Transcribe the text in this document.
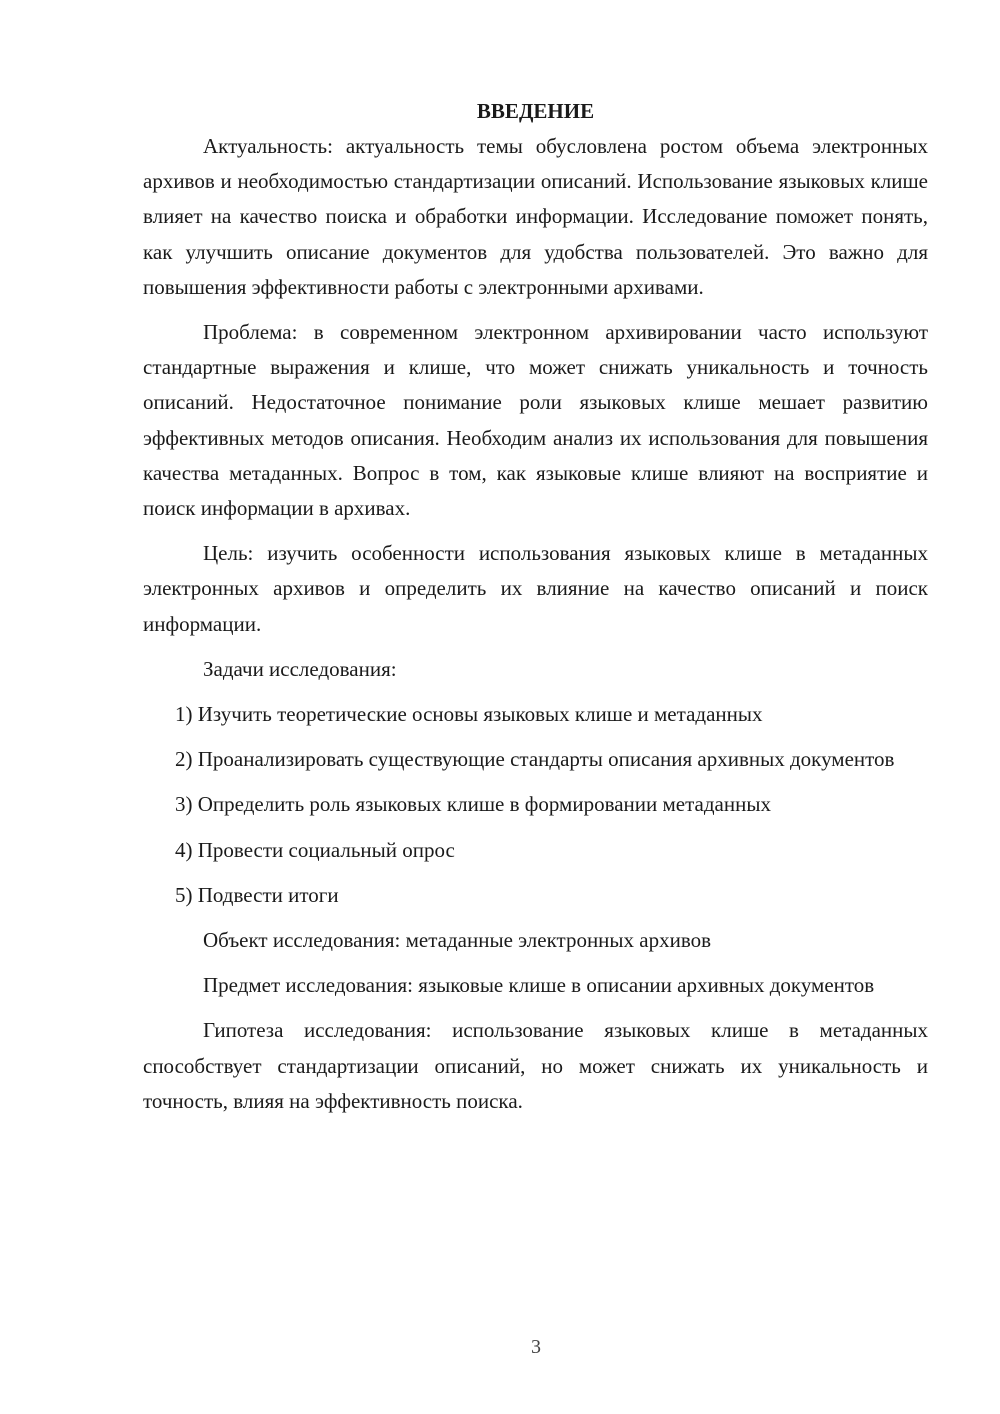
ВВЕДЕНИЕ

Актуальность: актуальность темы обусловлена ростом объема электронных архивов и необходимостью стандартизации описаний. Использование языковых клише влияет на качество поиска и обработки информации. Исследование поможет понять, как улучшить описание документов для удобства пользователей. Это важно для повышения эффективности работы с электронными архивами.

Проблема: в современном электронном архивировании часто используют стандартные выражения и клише, что может снижать уникальность и точность описаний. Недостаточное понимание роли языковых клише мешает развитию эффективных методов описания. Необходим анализ их использования для повышения качества метаданных. Вопрос в том, как языковые клише влияют на восприятие и поиск информации в архивах.

Цель: изучить особенности использования языковых клише в метаданных электронных архивов и определить их влияние на качество описаний и поиск информации.

Задачи исследования:

1) Изучить теоретические основы языковых клише и метаданных

2) Проанализировать существующие стандарты описания архивных документов

3) Определить роль языковых клише в формировании метаданных

4) Провести социальный опрос

5) Подвести итоги

Объект исследования: метаданные электронных архивов

Предмет исследования: языковые клише в описании архивных документов

Гипотеза исследования: использование языковых клише в метаданных способствует стандартизации описаний, но может снижать их уникальность и точность, влияя на эффективность поиска.

3
